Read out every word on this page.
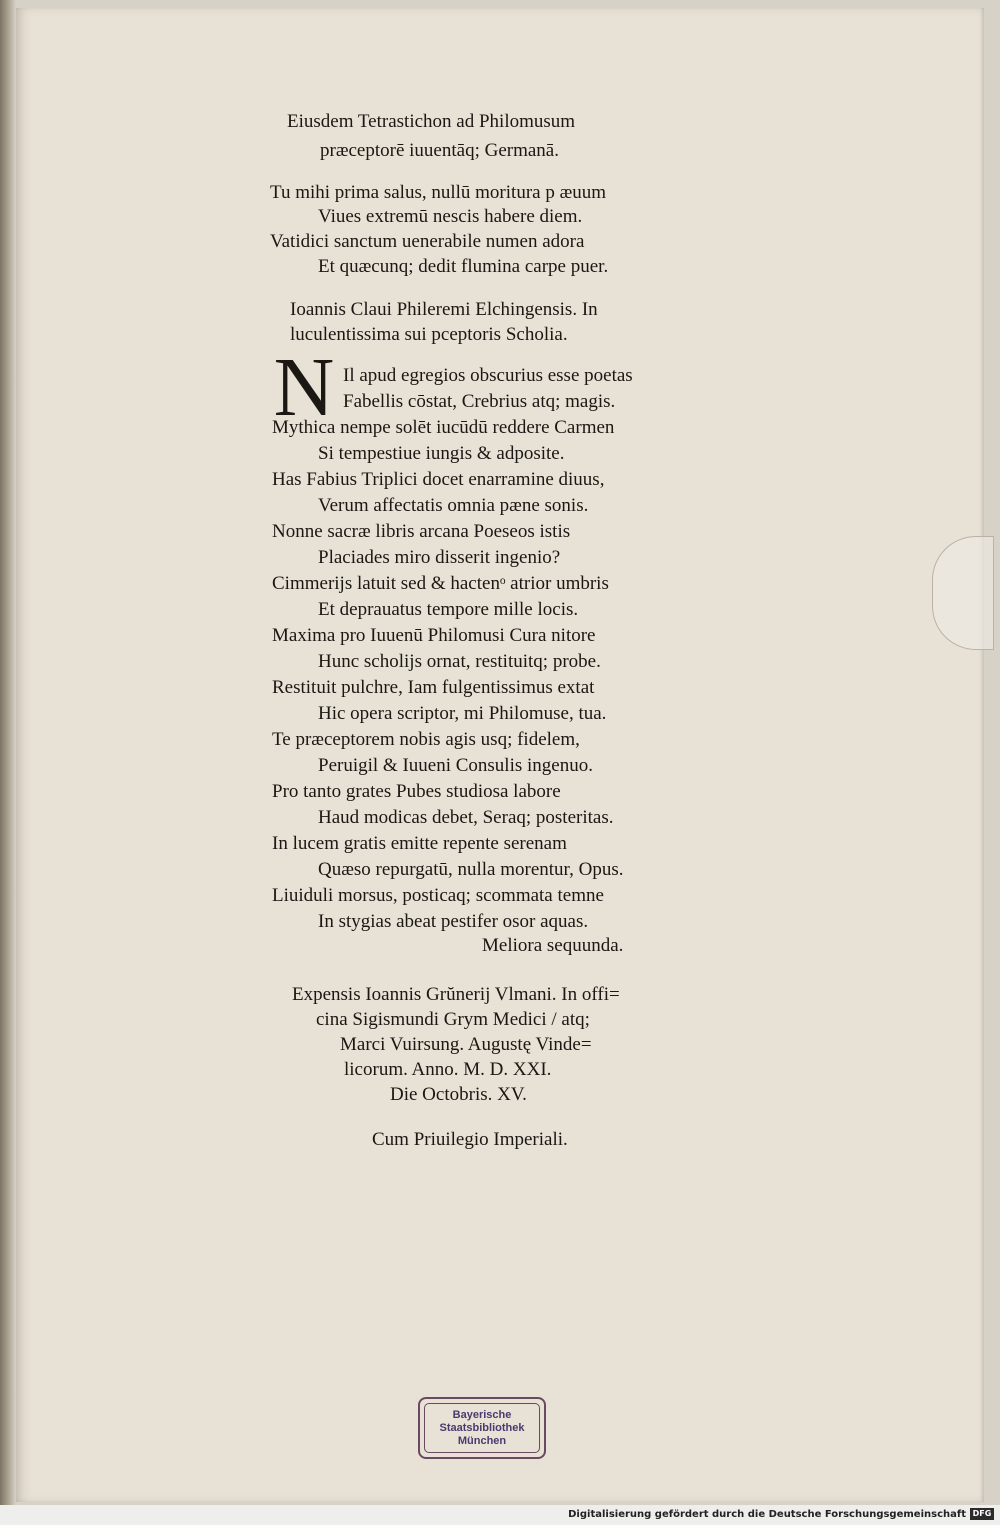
Eiusdem Tetrastichon ad Philomusum
præceptorē iuuentāq; Germanā.
Tu mihi prima salus, nullū moritura p æuum
Viues extremū nescis habere diem.
Vatidici sanctum uenerabile numen adora
Et quæcunq; dedit flumina carpe puer.
Ioannis Claui Phileremi Elchingensis. In
luculentissima sui pceptoris Scholia.
N Il apud egregios obscurius esse poetas
Fabellis cōstat, Crebrius atq; magis.
Mythica nempe solēt iucūdū reddere Carmen
Si tempestiue iungis & adposite.
Has Fabius Triplici docet enarramine diuus,
Verum affectatis omnia pæne sonis.
Nonne sacræ libris arcana Poeseos istis
Placiades miro disserit ingenio?
Cimmerijs latuit sed & hactenᵒ atrior umbris
Et deprauatus tempore mille locis.
Maxima pro Iuuenū Philomusi Cura nitore
Hunc scholijs ornat, restituitq; probe.
Restituit pulchre, Iam fulgentissimus extat
Hic opera scriptor, mi Philomuse, tua.
Te præceptorem nobis agis usq; fidelem,
Peruigil & Iuueni Consulis ingenuo.
Pro tanto grates Pubes studiosa labore
Haud modicas debet, Seraq; posteritas.
In lucem gratis emitte repente serenam
Quæso repurgatū, nulla morentur, Opus.
Liuiduli morsus, posticaq; scommata temne
In stygias abeat pestifer osor aquas.
Meliora sequunda.
Expensis Ioannis Grŭnerij Vlmani. In offi=
cina Sigismundi Grym Medici / atq;
Marci Vuirsung. Augustę Vinde=
licorum. Anno. M. D. XXI.
Die Octobris. XV.
Cum Priuilegio Imperiali.
Bayerische
Staatsbibliothek
München
Digitalisierung gefördert durch die Deutsche Forschungsgemeinschaft DFG
